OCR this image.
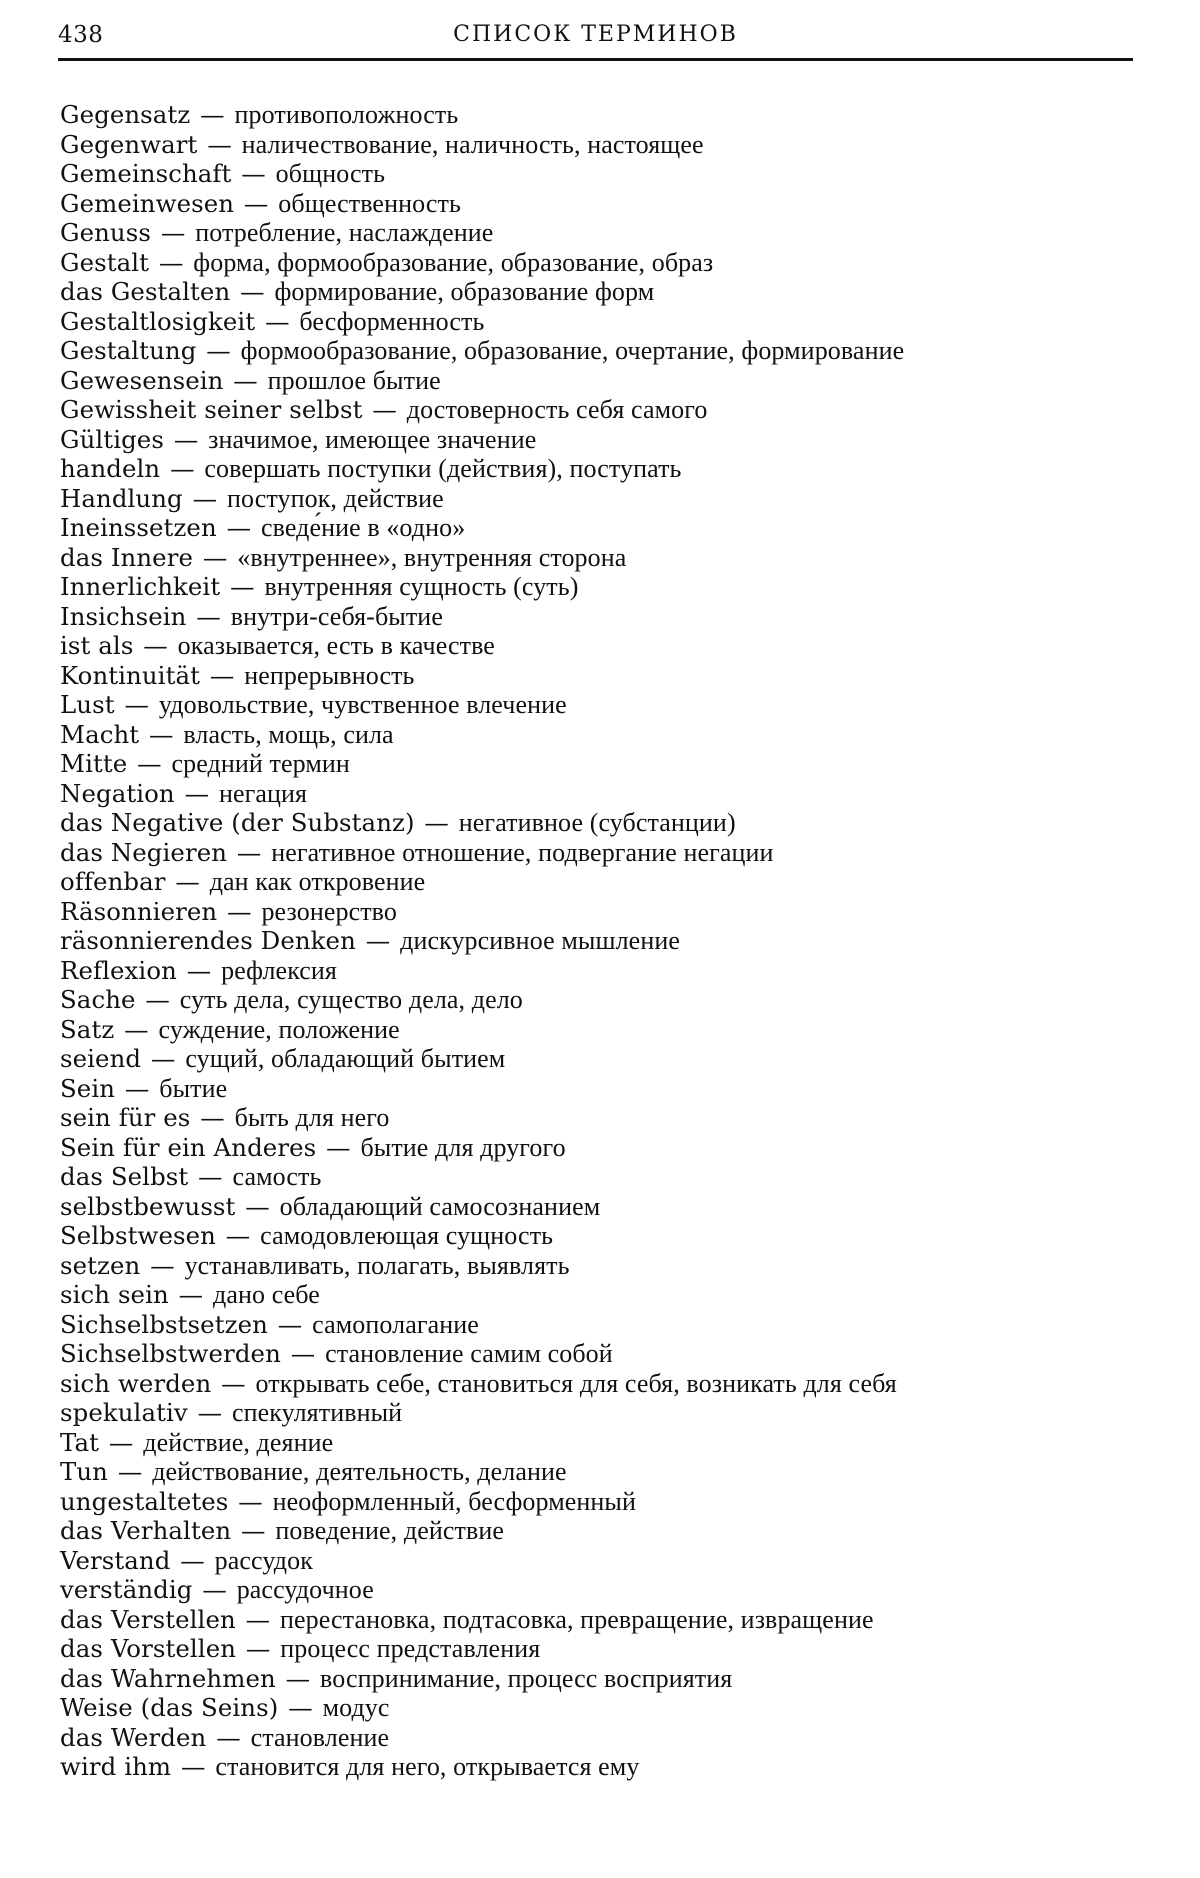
438	СПИСОК ТЕРМИНОВ
Gegensatz — противоположность
Gegenwart — наличествование, наличность, настоящее
Gemeinschaft — общность
Gemeinwesen — общественность
Genuss — потребление, наслаждение
Gestalt — форма, формообразование, образование, образ
das Gestalten — формирование, образование форм
Gestaltlosigkeit — бесформенность
Gestaltung — формообразование, образование, очертание, формирование
Gewesensein — прошлое бытие
Gewissheit seiner selbst — достоверность себя самого
Gültiges — значимое, имеющее значение
handeln — совершать поступки (действия), поступать
Handlung — поступок, действие
Ineinssetzen — сведе́ние в «одно»
das Innere — «внутреннее», внутренняя сторона
Innerlichkeit — внутренняя сущность (суть)
Insichsein — внутри-себя-бытие
ist als — оказывается, есть в качестве
Kontinuität — непрерывность
Lust — удовольствие, чувственное влечение
Macht — власть, мощь, сила
Mitte — средний термин
Negation — негация
das Negative (der Substanz) — негативное (субстанции)
das Negieren — негативное отношение, подвергание негации
offenbar — дан как откровение
Räsonnieren — резонерство
räsonnierendes Denken — дискурсивное мышление
Reflexion — рефлексия
Sache — суть дела, существо дела, дело
Satz — суждение, положение
seiend — сущий, обладающий бытием
Sein — бытие
sein für es — быть для него
Sein für ein Anderes — бытие для другого
das Selbst — самость
selbstbewusst — обладающий самосознанием
Selbstwesen — самодовлеющая сущность
setzen — устанавливать, полагать, выявлять
sich sein — дано себе
Sichselbstsetzen — самополагание
Sichselbstwerden — становление самим собой
sich werden — открывать себе, становиться для себя, возникать для себя
spekulativ — спекулятивный
Tat — действие, деяние
Tun — действование, деятельность, делание
ungestaltetes — неоформленный, бесформенный
das Verhalten — поведение, действие
Verstand — рассудок
verständig — рассудочное
das Verstellen — перестановка, подтасовка, превращение, извращение
das Vorstellen — процесс представления
das Wahrnehmen — воспринимание, процесс восприятия
Weise (das Seins) — модус
das Werden — становление
wird ihm — становится для него, открывается ему
